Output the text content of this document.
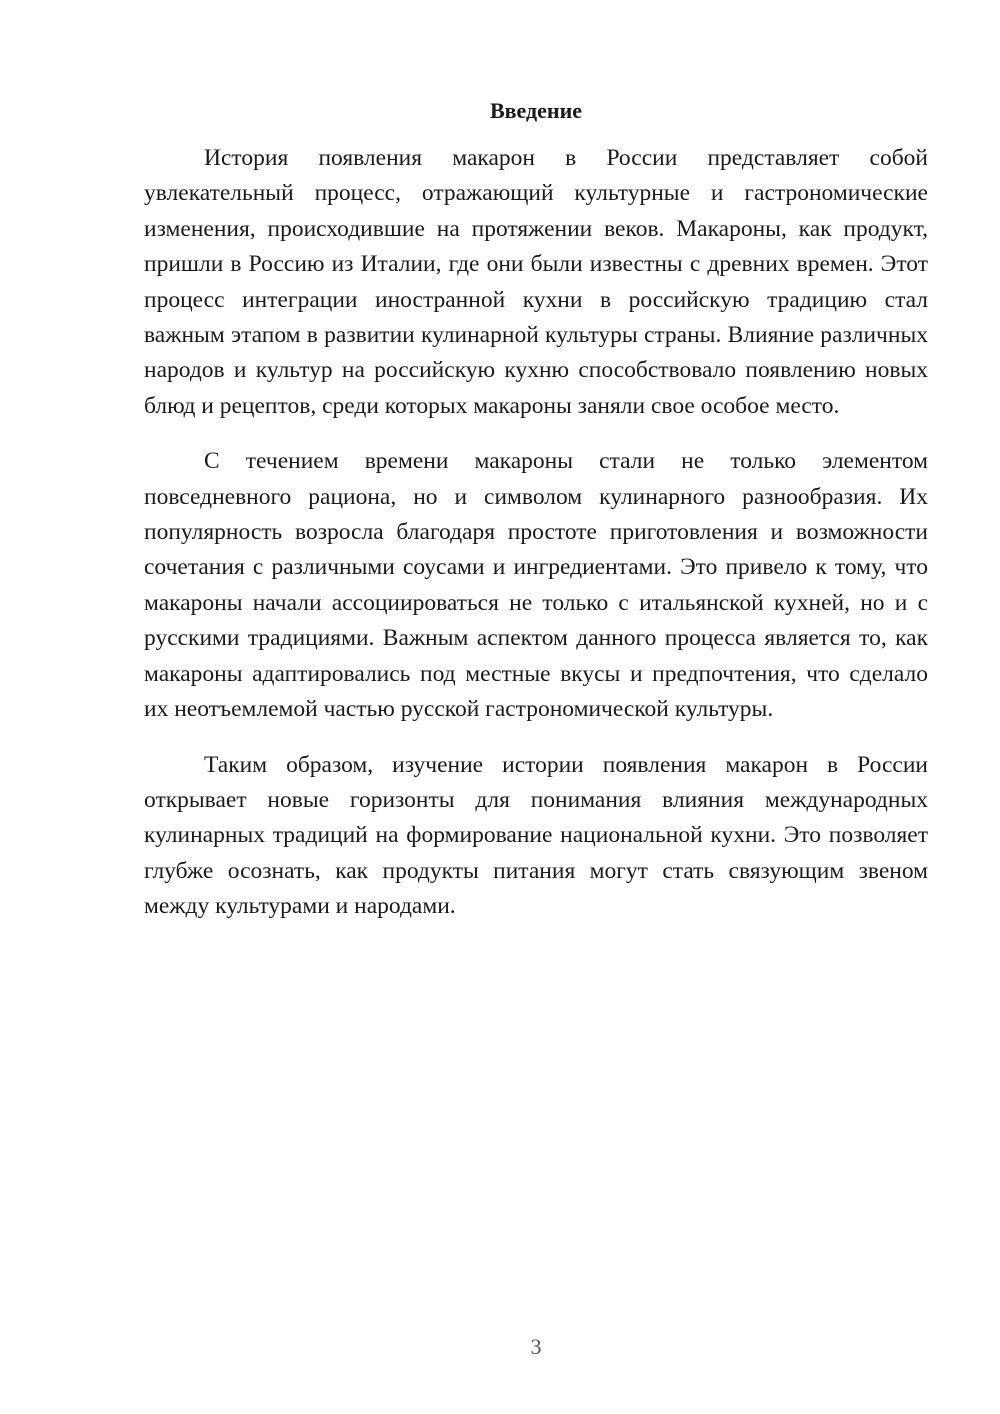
Введение

История появления макарон в России представляет собой увлекательный процесс, отражающий культурные и гастрономические изменения, происходившие на протяжении веков. Макароны, как продукт, пришли в Россию из Италии, где они были известны с древних времен. Этот процесс интеграции иностранной кухни в российскую традицию стал важным этапом в развитии кулинарной культуры страны. Влияние различных народов и культур на российскую кухню способствовало появлению новых блюд и рецептов, среди которых макароны заняли свое особое место.

С течением времени макароны стали не только элементом повседневного рациона, но и символом кулинарного разнообразия. Их популярность возросла благодаря простоте приготовления и возможности сочетания с различными соусами и ингредиентами. Это привело к тому, что макароны начали ассоциироваться не только с итальянской кухней, но и с русскими традициями. Важным аспектом данного процесса является то, как макароны адаптировались под местные вкусы и предпочтения, что сделало их неотъемлемой частью русской гастрономической культуры.

Таким образом, изучение истории появления макарон в России открывает новые горизонты для понимания влияния международных кулинарных традиций на формирование национальной кухни. Это позволяет глубже осознать, как продукты питания могут стать связующим звеном между культурами и народами.

3
